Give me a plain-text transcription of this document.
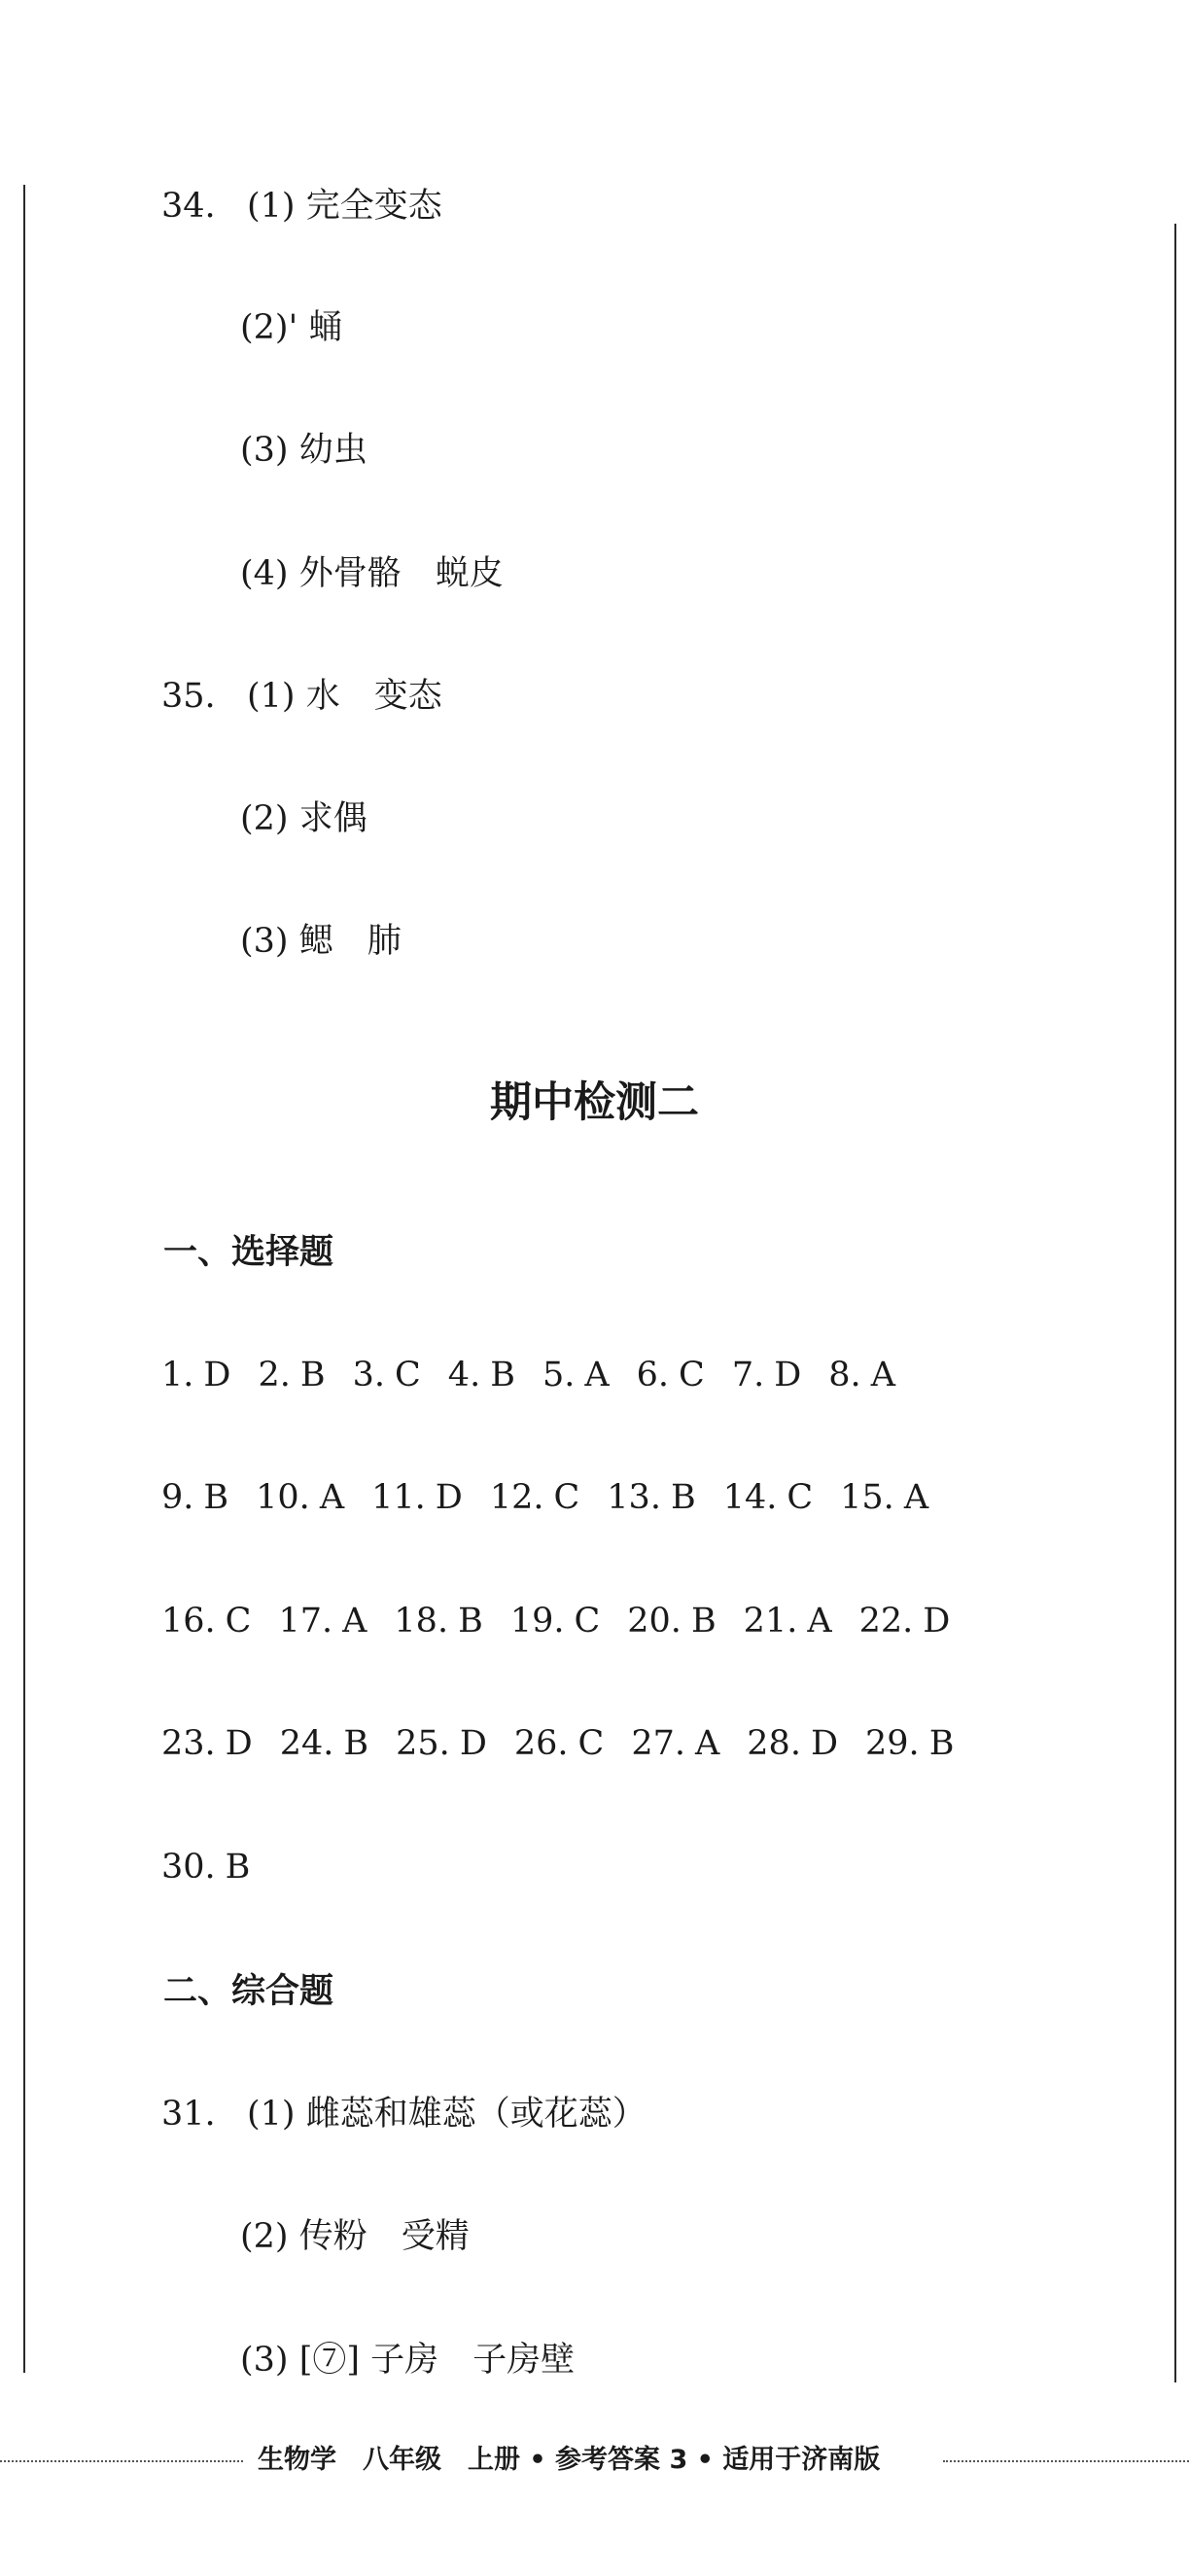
34. (1) 完全变态
(2)' 蛹
(3) 幼虫
(4) 外骨骼　蜕皮
35. (1) 水　变态
(2) 求偶
(3) 鳃　肺
期中检测二
一、选择题
1. D 2. B 3. C 4. B 5. A 6. C 7. D 8. A
9. B 10. A 11. D 12. C 13. B 14. C 15. A
16. C 17. A 18. B 19. C 20. B 21. A 22. D
23. D 24. B 25. D 26. C 27. A 28. D 29. B
30. B
二、综合题
31. (1) 雌蕊和雄蕊（或花蕊）
(2) 传粉　受精
(3) [⑦] 子房　子房壁
生物学　八年级　上册 • 参考答案 3 • 适用于济南版
